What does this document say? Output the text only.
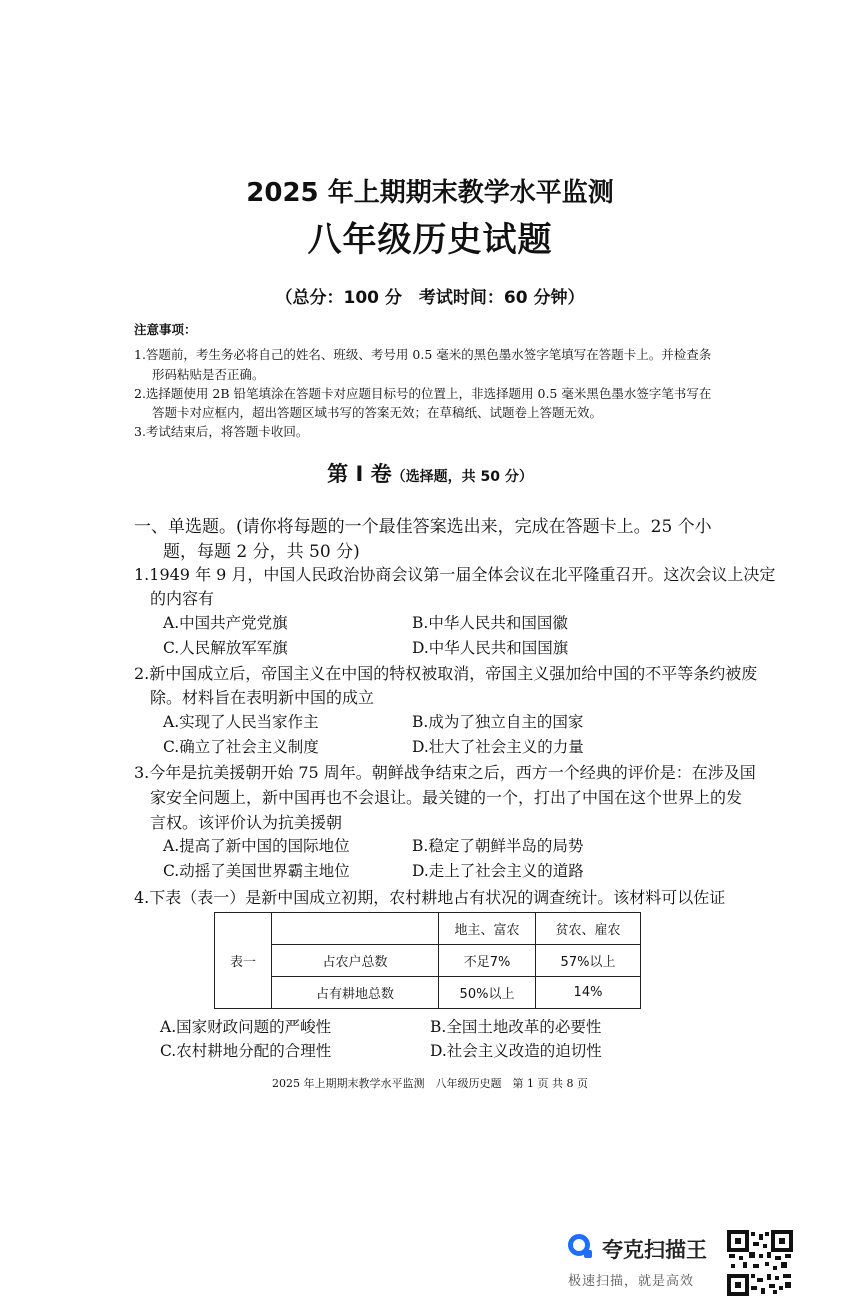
2025 年上期期末教学水平监测
八年级历史试题
（总分：100 分　考试时间：60 分钟）
注意事项：
1.答题前，考生务必将自己的姓名、班级、考号用 0.5 毫米的黑色墨水签字笔填写在答题卡上。并检查条
形码粘贴是否正确。
2.选择题使用 2B 铅笔填涂在答题卡对应题目标号的位置上，非选择题用 0.5 毫米黑色墨水签字笔书写在
答题卡对应框内，超出答题区域书写的答案无效；在草稿纸、试题卷上答题无效。
3.考试结束后，将答题卡收回。
第 I 卷（选择题，共 50 分）
一、单选题。(请你将每题的一个最佳答案选出来，完成在答题卡上。25 个小
题，每题 2 分，共 50 分)
1.1949 年 9 月，中国人民政治协商会议第一届全体会议在北平隆重召开。这次会议上决定
的内容有
A.中国共产党党旗	B.中华人民共和国国徽
C.人民解放军军旗	D.中华人民共和国国旗
2.新中国成立后，帝国主义在中国的特权被取消，帝国主义强加给中国的不平等条约被废
除。材料旨在表明新中国的成立
A.实现了人民当家作主	B.成为了独立自主的国家
C.确立了社会主义制度	D.壮大了社会主义的力量
3.今年是抗美援朝开始 75 周年。朝鲜战争结束之后，西方一个经典的评价是：在涉及国
家安全问题上，新中国再也不会退让。最关键的一个，打出了中国在这个世界上的发
言权。该评价认为抗美援朝
A.提高了新中国的国际地位	B.稳定了朝鲜半岛的局势
C.动摇了美国世界霸主地位	D.走上了社会主义的道路
4.下表（表一）是新中国成立初期，农村耕地占有状况的调查统计。该材料可以佐证
表一		地主、富农	贫农、雇农
	占农户总数	不足7%	57%以上
	占有耕地总数	50%以上	14%
A.国家财政问题的严峻性	B.全国土地改革的必要性
C.农村耕地分配的合理性	D.社会主义改造的迫切性
2025 年上期期末教学水平监测　八年级历史题　第 1 页 共 8 页
夸克扫描王
极速扫描，就是高效
